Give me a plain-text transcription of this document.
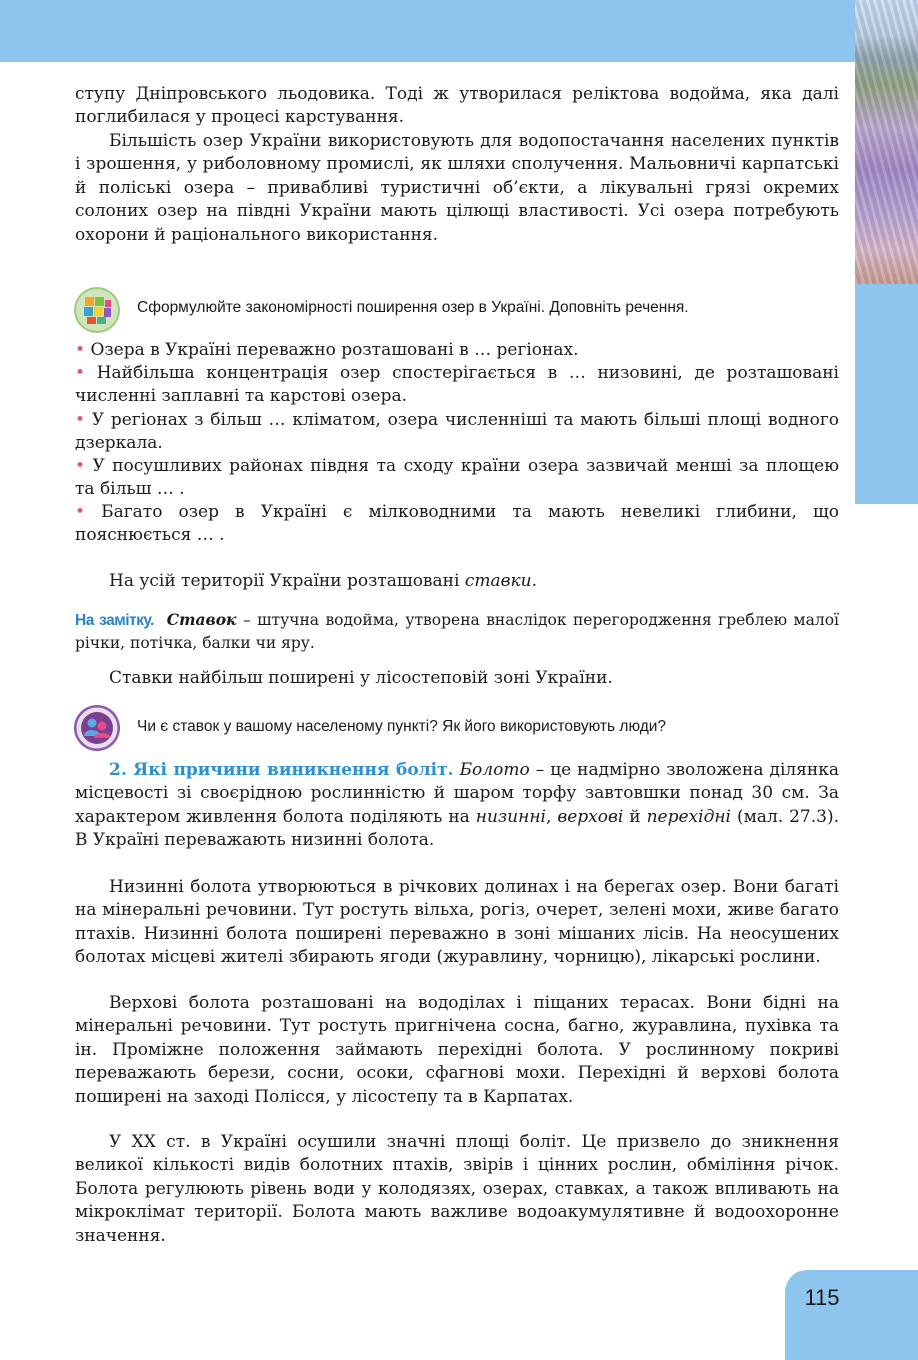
ступу Дніпровського льодовика. Тоді ж утворилася реліктова водойма, яка далі поглибилася у процесі карстування.

Більшість озер України використовують для водопостачання населених пунктів і зрошення, у риболовному промислі, як шляхи сполучення. Мальовничі карпатські й поліські озера – привабливі туристичні об’єкти, а лікувальні грязі окремих солоних озер на півдні України мають цілющі властивості. Усі озера потребують охорони й раціонального використання.

Сформулюйте закономірності поширення озер в Україні. Доповніть речення.

• Озера в Україні переважно розташовані в … регіонах.

• Найбільша концентрація озер спостерігається в … низовині, де розташовані численні заплавні та карстові озера.

• У регіонах з більш … кліматом, озера численніші та мають більші площі водного дзеркала.

• У посушливих районах півдня та сходу країни озера зазвичай менші за площею та більш … .

• Багато озер в Україні є мілководними та мають невеликі глибини, що пояснюється … .

На усій території України розташовані ставки.

На замітку. Ставок – штучна водойма, утворена внаслідок перегородження греблею малої річки, потічка, балки чи яру.

Ставки найбільш поширені у лісостеповій зоні України.

Чи є ставок у вашому населеному пункті? Як його використовують люди?

2. Які причини виникнення боліт. Болото – це надмірно зволожена ділянка місцевості зі своєрідною рослинністю й шаром торфу завтовшки понад 30 см. За характером живлення болота поділяють на низинні, верхові й перехідні (мал. 27.3). В Україні переважають низинні болота.

Низинні болота утворюються в річкових долинах і на берегах озер. Вони багаті на мінеральні речовини. Тут ростуть вільха, рогіз, очерет, зелені мохи, живе багато птахів. Низинні болота поширені переважно в зоні мішаних лісів. На неосушених болотах місцеві жителі збирають ягоди (журавлину, чорницю), лікарські рослини.

Верхові болота розташовані на вододілах і піщаних терасах. Вони бідні на мінеральні речовини. Тут ростуть пригнічена сосна, багно, журавлина, пухівка та ін. Проміжне положення займають перехідні болота. У рослинному покриві переважають берези, сосни, осоки, сфагнові мохи. Перехідні й верхові болота поширені на заході Полісся, у лісостепу та в Карпатах.

У XX ст. в Україні осушили значні площі боліт. Це призвело до зникнення великої кількості видів болотних птахів, звірів і цінних рослин, обміління річок. Болота регулюють рівень води у колодязях, озерах, ставках, а також впливають на мікроклімат території. Болота мають важливе водоакумулятивне й водоохоронне значення.

115
